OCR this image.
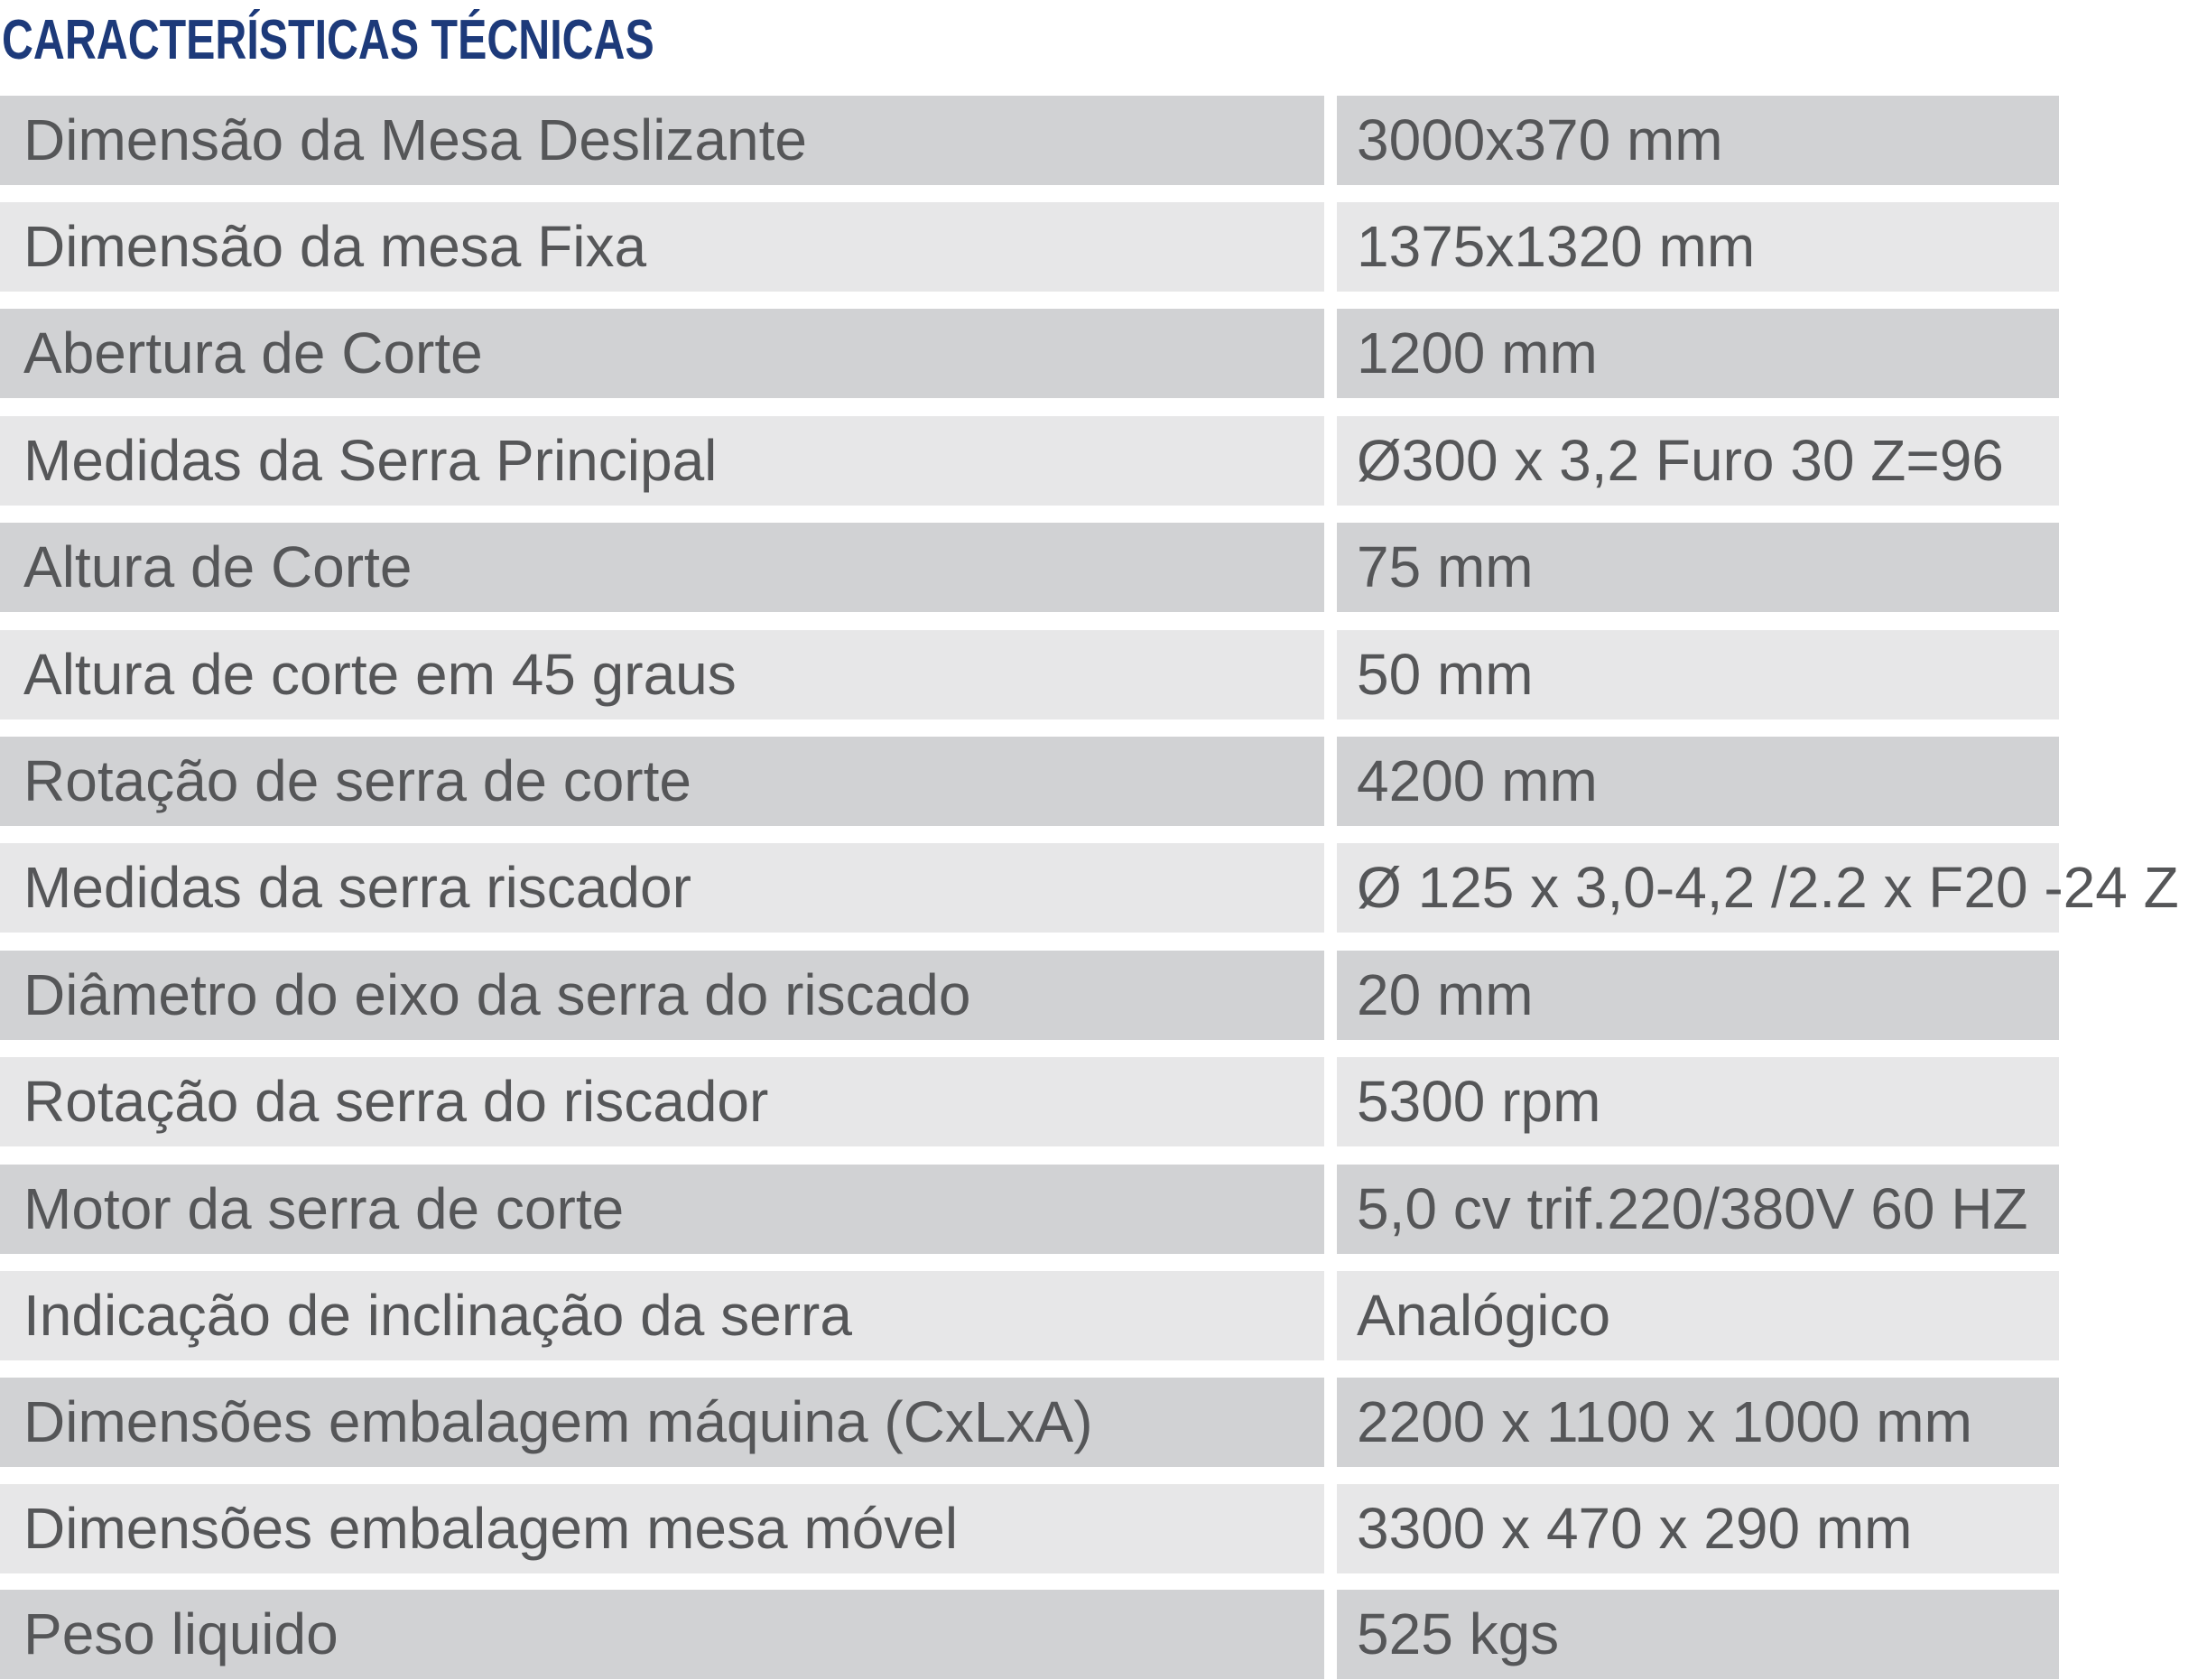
CARACTERÍSTICAS TÉCNICAS
Dimensão da Mesa Deslizante	3000x370 mm
Dimensão da mesa Fixa	1375x1320 mm
Abertura de Corte	1200 mm
Medidas da Serra Principal	Ø300 x 3,2 Furo 30 Z=96
Altura de Corte	75 mm
Altura de corte em 45 graus	50 mm
Rotação de serra de corte	4200 mm
Medidas da serra riscador	Ø 125 x 3,0-4,2 /2.2 x F20 -24 Z
Diâmetro do eixo da serra do riscado	20 mm
Rotação da serra do riscador	5300 rpm
Motor da serra de corte	5,0 cv trif.220/380V 60 HZ
Indicação de inclinação da serra	Analógico
Dimensões embalagem máquina (CxLxA)	2200 x 1100 x 1000 mm
Dimensões embalagem mesa móvel	3300 x 470 x 290 mm
Peso liquido	525 kgs
